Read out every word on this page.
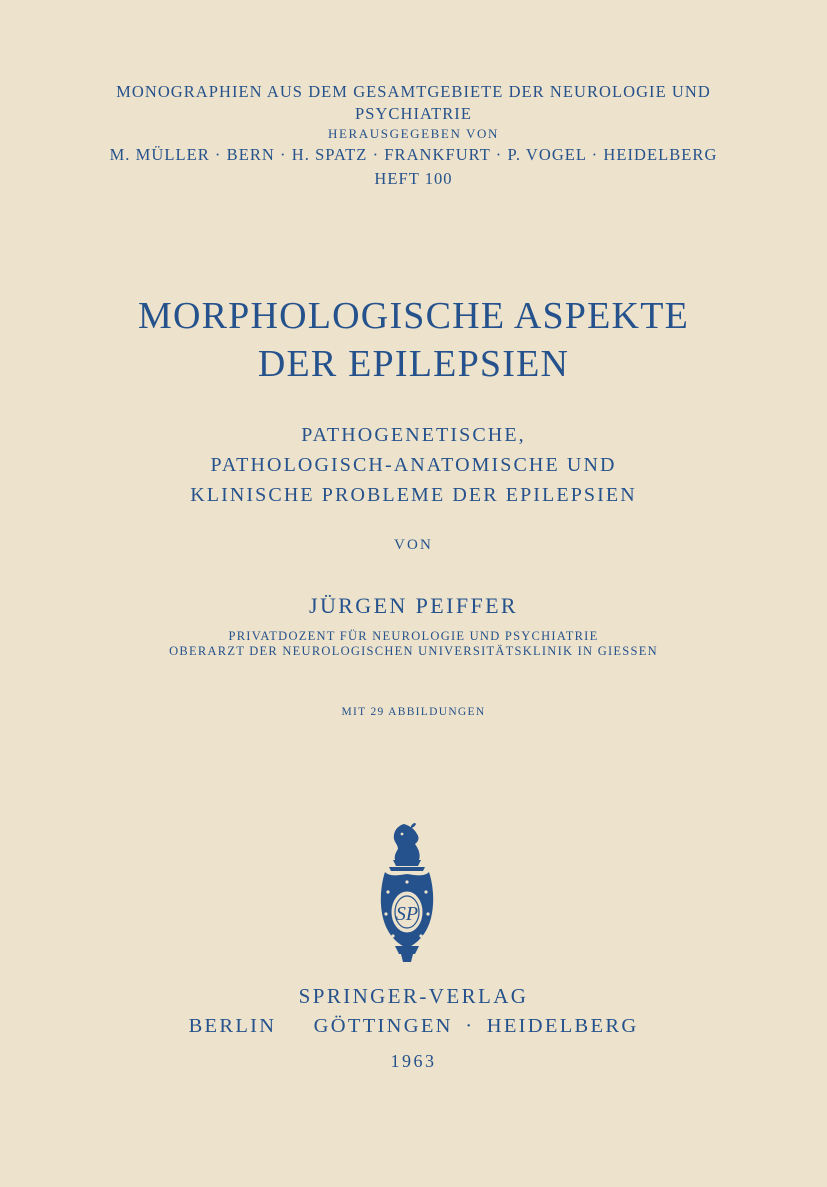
MONOGRAPHIEN AUS DEM GESAMTGEBIETE DER NEUROLOGIE UND

PSYCHIATRIE

HERAUSGEGEBEN VON

M. MÜLLER · BERN · H. SPATZ · FRANKFURT · P. VOGEL · HEIDELBERG

HEFT 100

MORPHOLOGISCHE ASPEKTE
DER EPILEPSIEN

PATHOGENETISCHE,

PATHOLOGISCH-ANATOMISCHE UND

KLINISCHE PROBLEME DER EPILEPSIEN

VON

JÜRGEN PEIFFER

PRIVATDOZENT FÜR NEUROLOGIE UND PSYCHIATRIE

OBERARZT DER NEUROLOGISCHEN UNIVERSITÄTSKLINIK IN GIESSEN

MIT 29 ABBILDUNGEN

SP

SPRINGER-VERLAG

BERLIN   GÖTTINGEN · HEIDELBERG

1963
